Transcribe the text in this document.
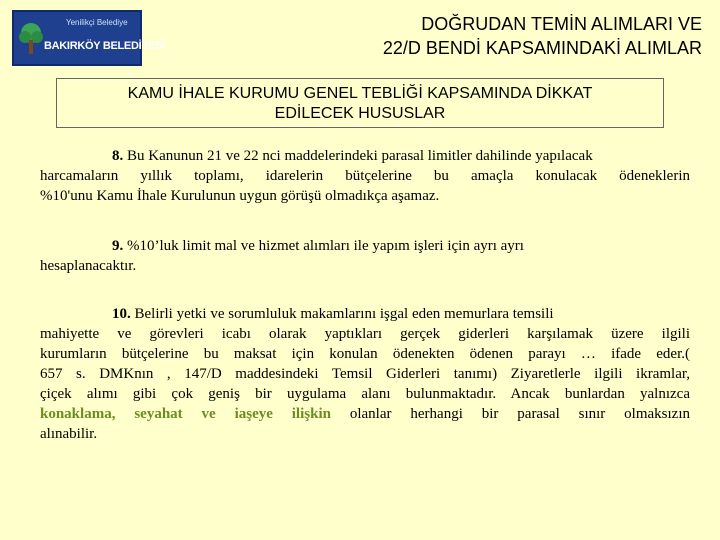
Yenilikçi Belediye
BAKIRKÖY BELEDİYESİ
DOĞRUDAN TEMİN ALIMLARI VE
22/D BENDİ KAPSAMINDAKİ ALIMLAR
KAMU İHALE KURUMU GENEL TEBLİĞİ KAPSAMINDA DİKKAT
EDİLECEK HUSUSLAR
8. Bu Kanunun 21 ve 22 nci maddelerindeki parasal limitler dahilinde yapılacak
harcamaların yıllık toplamı, idarelerin bütçelerine bu amaçla konulacak ödeneklerin
%10'unu Kamu İhale Kurulunun uygun görüşü olmadıkça aşamaz.
9. %10’luk limit mal ve hizmet alımları ile yapım işleri için ayrı ayrı
hesaplanacaktır.
10. Belirli yetki ve sorumluluk makamlarını işgal eden memurlara temsili
mahiyette ve görevleri icabı olarak yaptıkları gerçek giderleri karşılamak üzere ilgili
kurumların bütçelerine bu maksat için konulan ödenekten ödenen parayı … ifade eder.(
657 s. DMKnın , 147/D maddesindeki Temsil Giderleri tanımı) Ziyaretlerle ilgili ikramlar,
çiçek alımı gibi çok geniş bir uygulama alanı bulunmaktadır. Ancak bunlardan yalnızca
konaklama, seyahat ve iaşeye ilişkin olanlar herhangi bir parasal sınır olmaksızın
alınabilir.
